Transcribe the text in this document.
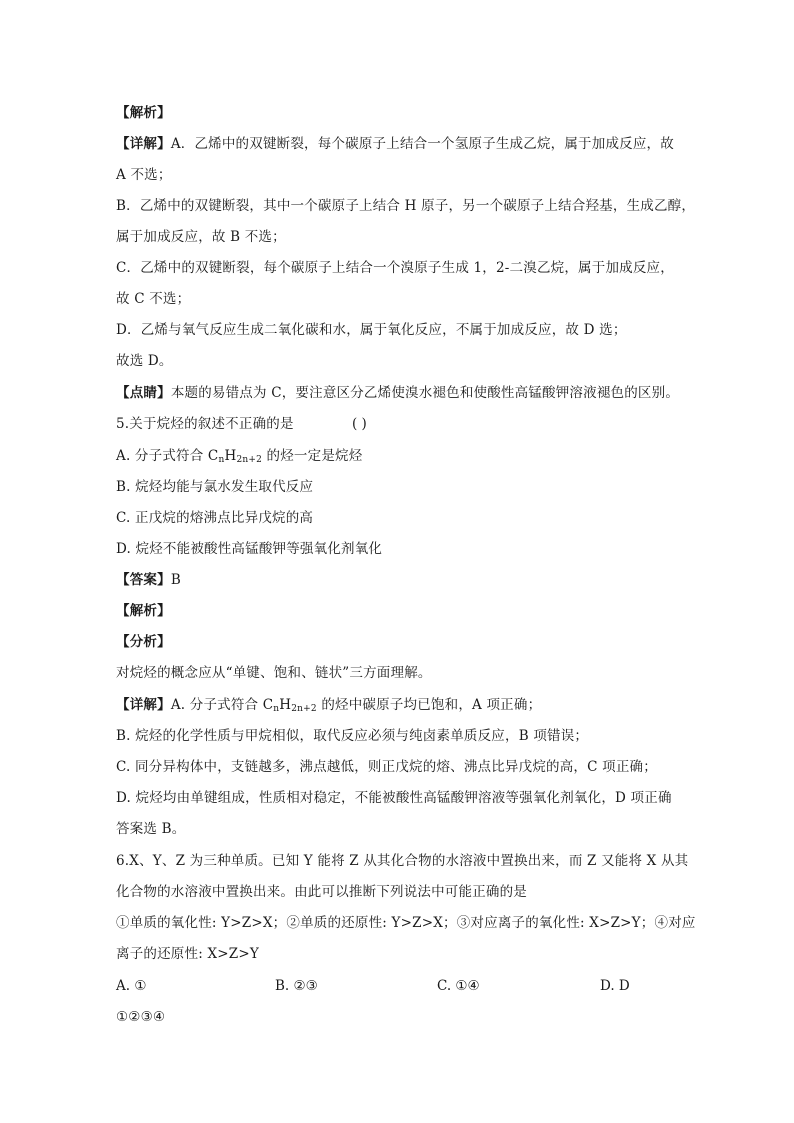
【解析】
【详解】A．乙烯中的双键断裂，每个碳原子上结合一个氢原子生成乙烷，属于加成反应，故
A 不选；
B．乙烯中的双键断裂，其中一个碳原子上结合 H 原子，另一个碳原子上结合羟基，生成乙醇，
属于加成反应，故 B 不选；
C．乙烯中的双键断裂，每个碳原子上结合一个溴原子生成 1，2-二溴乙烷，属于加成反应，
故 C 不选；
D．乙烯与氧气反应生成二氧化碳和水，属于氧化反应，不属于加成反应，故 D 选；
故选 D。
【点睛】本题的易错点为 C，要注意区分乙烯使溴水褪色和使酸性高锰酸钾溶液褪色的区别。
5.关于烷烃的叙述不正确的是	( )
A. 分子式符合 $C_nH_{2n+2}$ 的烃一定是烷烃
B. 烷烃均能与氯水发生取代反应
C. 正戊烷的熔沸点比异戊烷的高
D. 烷烃不能被酸性高锰酸钾等强氧化剂氧化
【答案】B
【解析】
【分析】
对烷烃的概念应从“单键、饱和、链状”三方面理解。
【详解】A. 分子式符合 $C_nH_{2n+2}$ 的烃中碳原子均已饱和，A 项正确；
B. 烷烃的化学性质与甲烷相似，取代反应必须与纯卤素单质反应，B 项错误；
C. 同分异构体中，支链越多，沸点越低，则正戊烷的熔、沸点比异戊烷的高，C 项正确；
D. 烷烃均由单键组成，性质相对稳定，不能被酸性高锰酸钾溶液等强氧化剂氧化，D 项正确
答案选 B。
6.X、Y、Z 为三种单质。已知 Y 能将 Z 从其化合物的水溶液中置换出来，而 Z 又能将 X 从其
化合物的水溶液中置换出来。由此可以推断下列说法中可能正确的是
①单质的氧化性: Y>Z>X；②单质的还原性: Y>Z>X；③对应离子的氧化性: X>Z>Y；④对应
离子的还原性: X>Z>Y
A. ①	B. ②③	C. ①④	D. D
①②③④
